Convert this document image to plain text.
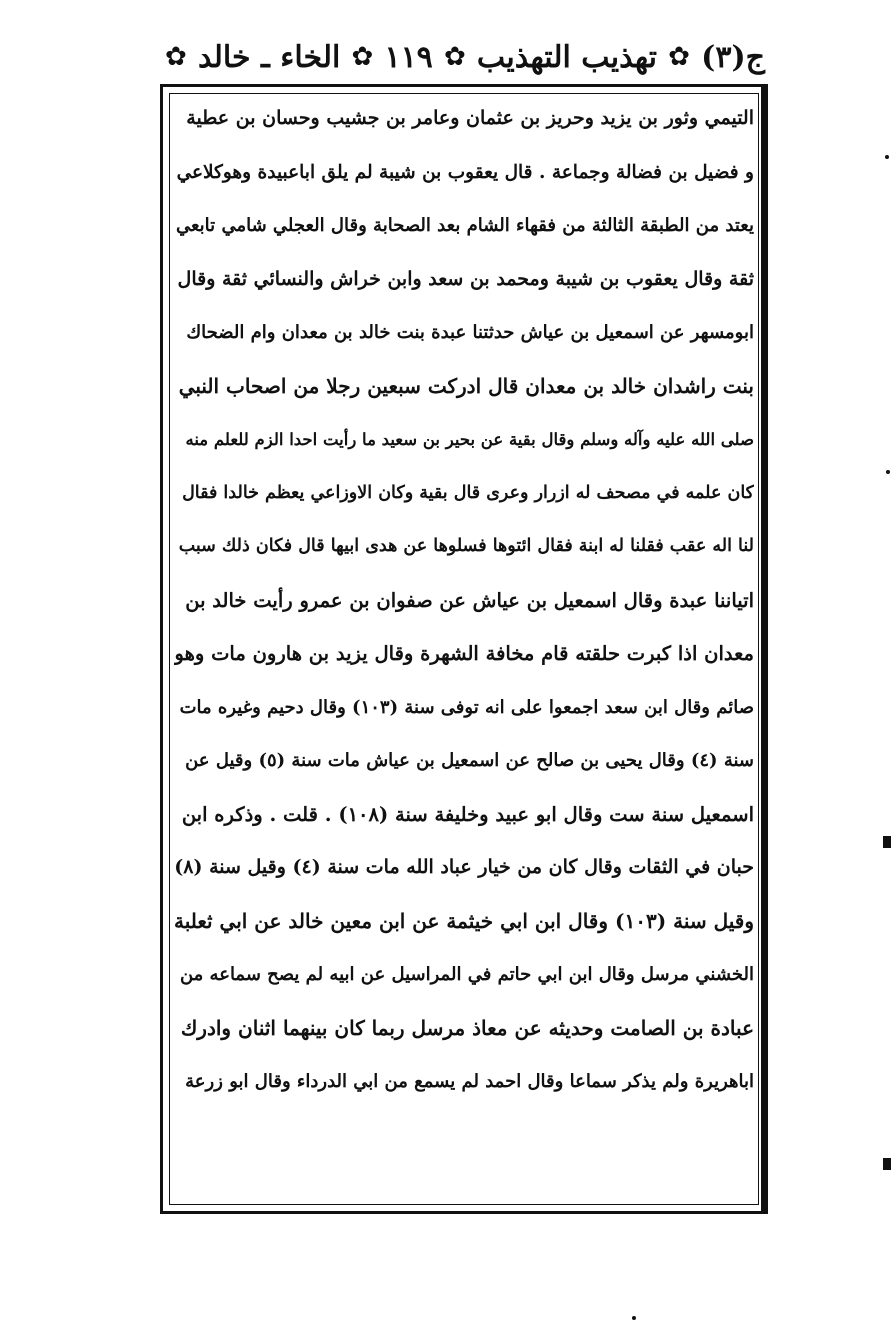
✿ الخاء ـ خالد ✿ ١١٩ ✿ تهذيب التهذيب ✿ ج(٣)
التيمي وثور بن يزيد وحريز بن عثمان وعامر بن جشيب وحسان بن عطية
و فضيل بن فضالة وجماعة . قال يعقوب بن شيبة لم يلق اباعبيدة وهوكلاعي
يعتد من الطبقة الثالثة من فقهاء الشام بعد الصحابة وقال العجلي شامي تابعي
ثقة وقال يعقوب بن شيبة ومحمد بن سعد وابن خراش والنسائي ثقة وقال
ابومسهر عن اسمعيل بن عياش حدثتنا عبدة بنت خالد بن معدان وام الضحاك
بنت راشدان خالد بن معدان قال ادركت سبعين رجلا من اصحاب النبي
صلى الله عليه وآله وسلم وقال بقية عن بحير بن سعيد ما رأيت احدا الزم للعلم منه
كان علمه في مصحف له ازرار وعرى قال بقية وكان الاوزاعي يعظم خالدا فقال
لنا اله عقب فقلنا له ابنة فقال ائتوها فسلوها عن هدى ابيها قال فكان ذلك سبب
اتياننا عبدة وقال اسمعيل بن عياش عن صفوان بن عمرو رأيت خالد بن
معدان اذا كبرت حلقته قام مخافة الشهرة وقال يزيد بن هارون مات وهو
صائم وقال ابن سعد اجمعوا على انه توفى سنة (١٠٣) وقال دحيم وغيره مات
سنة (٤) وقال يحيى بن صالح عن اسمعيل بن عياش مات سنة (٥) وقيل عن
اسمعيل سنة ست وقال ابو عبيد وخليفة سنة (١٠٨) . قلت . وذكره ابن
حبان في الثقات وقال كان من خيار عباد الله مات سنة (٤) وقيل سنة (٨)
وقيل سنة (١٠٣) وقال ابن ابي خيثمة عن ابن معين خالد عن ابي ثعلبة
الخشني مرسل وقال ابن ابي حاتم في المراسيل عن ابيه لم يصح سماعه من
عبادة بن الصامت وحديثه عن معاذ مرسل ربما كان بينهما اثنان وادرك
اباهريرة ولم يذكر سماعا وقال احمد لم يسمع من ابي الدرداء وقال ابو زرعة
